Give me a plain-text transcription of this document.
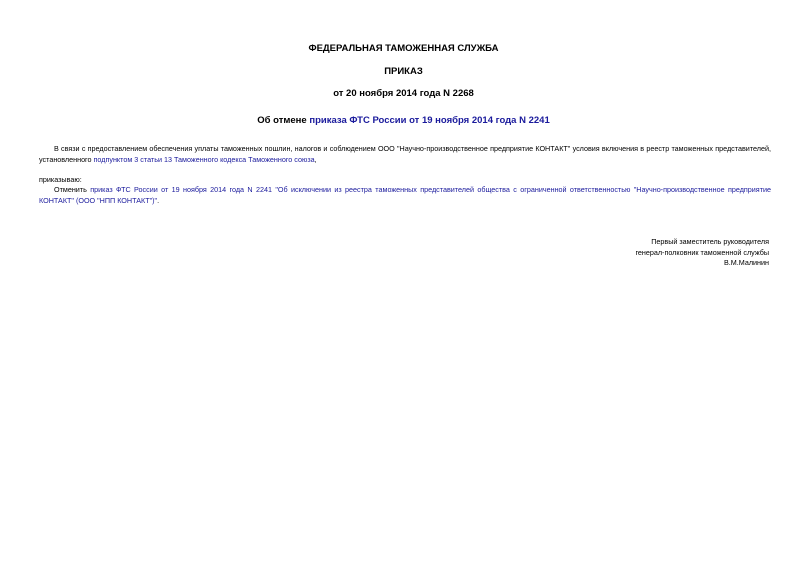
ФЕДЕРАЛЬНАЯ ТАМОЖЕННАЯ СЛУЖБА
ПРИКАЗ
от 20 ноября 2014 года N 2268
Об отмене приказа ФТС России от 19 ноября 2014 года N 2241
В связи с предоставлением обеспечения уплаты таможенных пошлин, налогов и соблюдением ООО "Научно-производственное предприятие КОНТАКТ" условия включения в реестр таможенных представителей, установленного подпунктом 3 статьи 13 Таможенного кодекса Таможенного союза,
приказываю:
Отменить приказ ФТС России от 19 ноября 2014 года N 2241 "Об исключении из реестра таможенных представителей общества с ограниченной ответственностью "Научно-производственное предприятие КОНТАКТ" (ООО "НПП КОНТАКТ")".
Первый заместитель руководителя
генерал-полковник таможенной службы
В.М.Малинин
